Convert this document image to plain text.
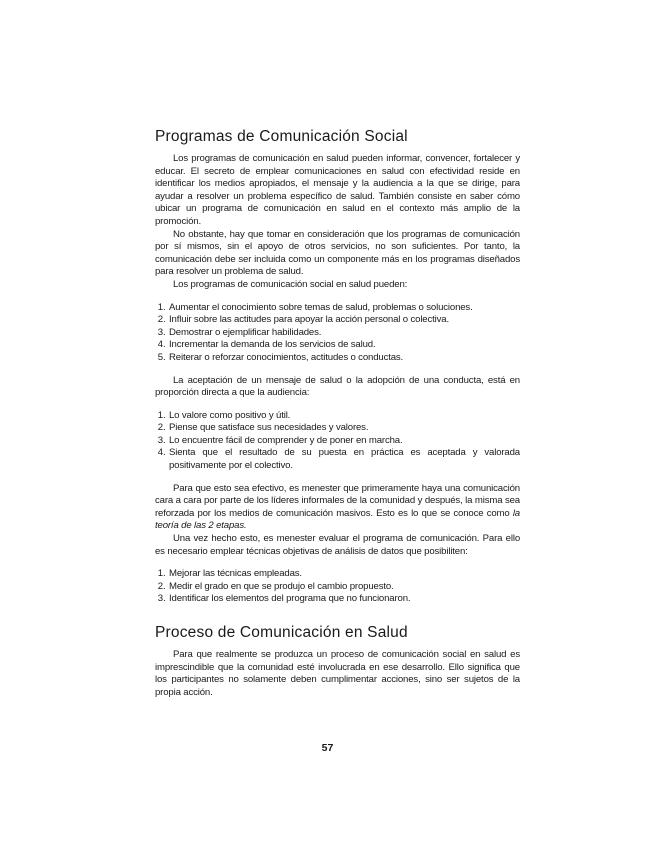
Programas de Comunicación Social

Los programas de comunicación en salud pueden informar, convencer, fortalecer y educar. El secreto de emplear comunicaciones en salud con efectividad reside en identificar los medios apropiados, el mensaje y la audiencia a la que se dirige, para ayudar a resolver un problema específico de salud. También consiste en saber cómo ubicar un programa de comunicación en salud en el contexto más amplio de la promoción.

No obstante, hay que tomar en consideración que los programas de comunicación por sí mismos, sin el apoyo de otros servicios, no son suficientes. Por tanto, la comunicación debe ser incluida como un componente más en los programas diseñados para resolver un problema de salud.

Los programas de comunicación social en salud pueden:

1. Aumentar el conocimiento sobre temas de salud, problemas o soluciones.
2. Influir sobre las actitudes para apoyar la acción personal o colectiva.
3. Demostrar o ejemplificar habilidades.
4. Incrementar la demanda de los servicios de salud.
5. Reiterar o reforzar conocimientos, actitudes o conductas.

La aceptación de un mensaje de salud o la adopción de una conducta, está en proporción directa a que la audiencia:

1. Lo valore como positivo y útil.
2. Piense que satisface sus necesidades y valores.
3. Lo encuentre fácil de comprender y de poner en marcha.
4. Sienta que el resultado de su puesta en práctica es aceptada y valorada positivamente por el colectivo.

Para que esto sea efectivo, es menester que primeramente haya una comunicación cara a cara por parte de los líderes informales de la comunidad y después, la misma sea reforzada por los medios de comunicación masivos. Esto es lo que se conoce como la teoría de las 2 etapas.

Una vez hecho esto, es menester evaluar el programa de comunicación. Para ello es necesario emplear técnicas objetivas de análisis de datos que posibiliten:

1. Mejorar las técnicas empleadas.
2. Medir el grado en que se produjo el cambio propuesto.
3. Identificar los elementos del programa que no funcionaron.
Proceso de Comunicación en Salud

Para que realmente se produzca un proceso de comunicación social en salud es imprescindible que la comunidad esté involucrada en ese desarrollo. Ello significa que los participantes no solamente deben cumplimentar acciones, sino ser sujetos de la propia acción.

57
